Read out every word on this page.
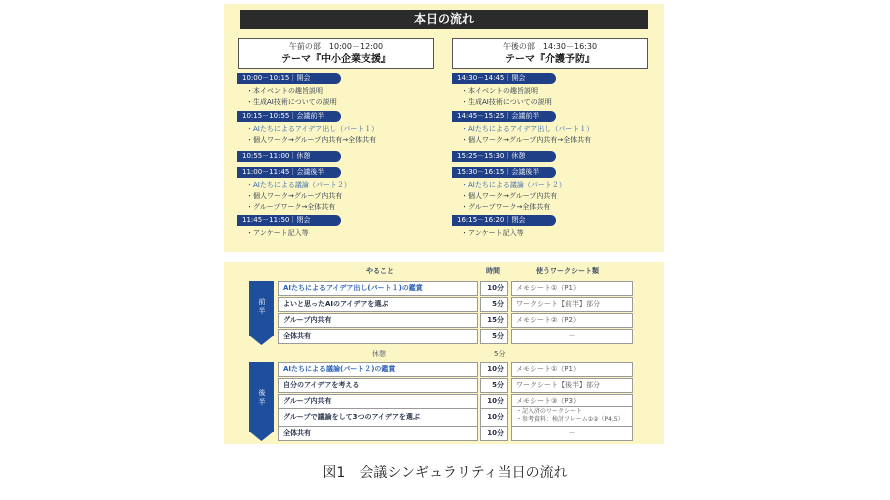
本日の流れ
午前の部　10:00－12:00
テーマ『中小企業支援』
午後の部　14:30－16:30
テーマ『介護予防』
10:00－10:15｜開会
・本イベントの趣旨説明
・生成AI技術についての説明
10:15－10:55｜会議前半
・AIたちによるアイデア出し（パート１）
・個人ワーク→グループ内共有→全体共有
10:55－11:00｜休憩
11:00－11:45｜会議後半
・AIたちによる議論（パート２）
・個人ワーク→グループ内共有
・グループワーク→全体共有
11:45－11:50｜閉会
・アンケート記入等
14:30－14:45｜開会
・本イベントの趣旨説明
・生成AI技術についての説明
14:45－15:25｜会議前半
・AIたちによるアイデア出し（パート１）
・個人ワーク→グループ内共有→全体共有
15:25－15:30｜休憩
15:30－16:15｜会議後半
・AIたちによる議論（パート２）
・個人ワーク→グループ内共有
・グループワーク→全体共有
16:15－16:20｜閉会
・アンケート記入等
やること	時間	使うワークシート類
前半
AIたちによるアイデア出し(パート１)の鑑賞	10分	メモシート①（P1）
よいと思ったAIのアイデアを選ぶ	5分	ワークシート【前半】部分
グループ内共有	15分	メモシート②（P2）
全体共有	5分	－
休憩	5分
後半
AIたちによる議論(パート２)の鑑賞	10分	メモシート①（P1）
自分のアイデアを考える	5分	ワークシート【後半】部分
グループ内共有	10分	メモシート③（P3）
グループで議論をして3つのアイデアを選ぶ	10分
・記入済のワークシート
・参考資料：検討フレーム①②（P4,5）
全体共有	10分	－
図1　会議シンギュラリティ当日の流れ
